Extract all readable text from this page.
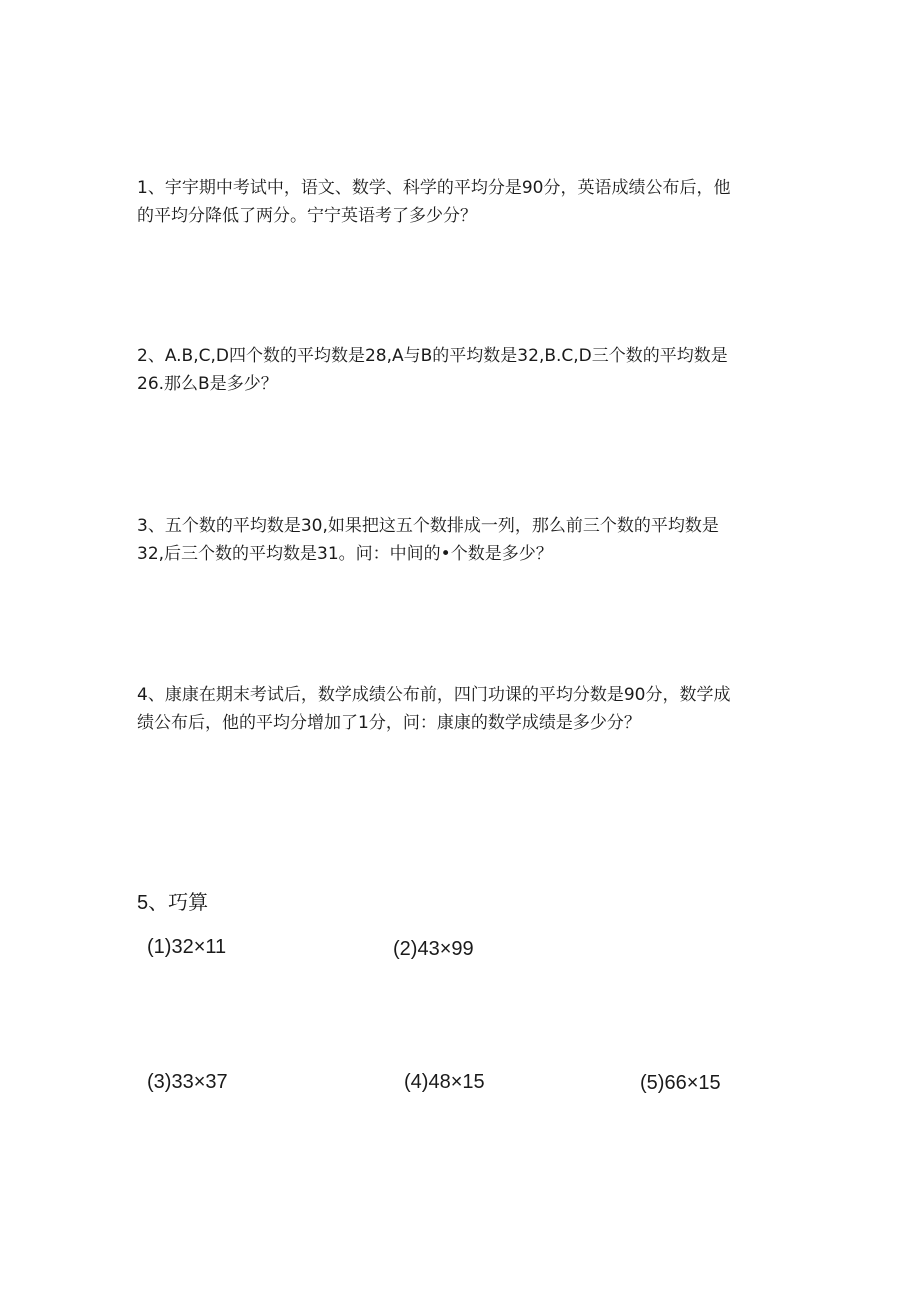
1、宇宇期中考试中，语文、数学、科学的平均分是90分，英语成绩公布后，他
的平均分降低了两分。宁宁英语考了多少分？
2、A.B,C,D四个数的平均数是28,A与B的平均数是32,B.C,D三个数的平均数是
26.那么B是多少？
3、五个数的平均数是30,如果把这五个数排成一列，那么前三个数的平均数是
32,后三个数的平均数是31。问：中间的•个数是多少？
4、康康在期末考试后，数学成绩公布前，四门功课的平均分数是90分，数学成
绩公布后，他的平均分增加了1分，问：康康的数学成绩是多少分？
5、巧算
(1)32×11	(2)43×99
(3)33×37	(4)48×15	(5)66×15
